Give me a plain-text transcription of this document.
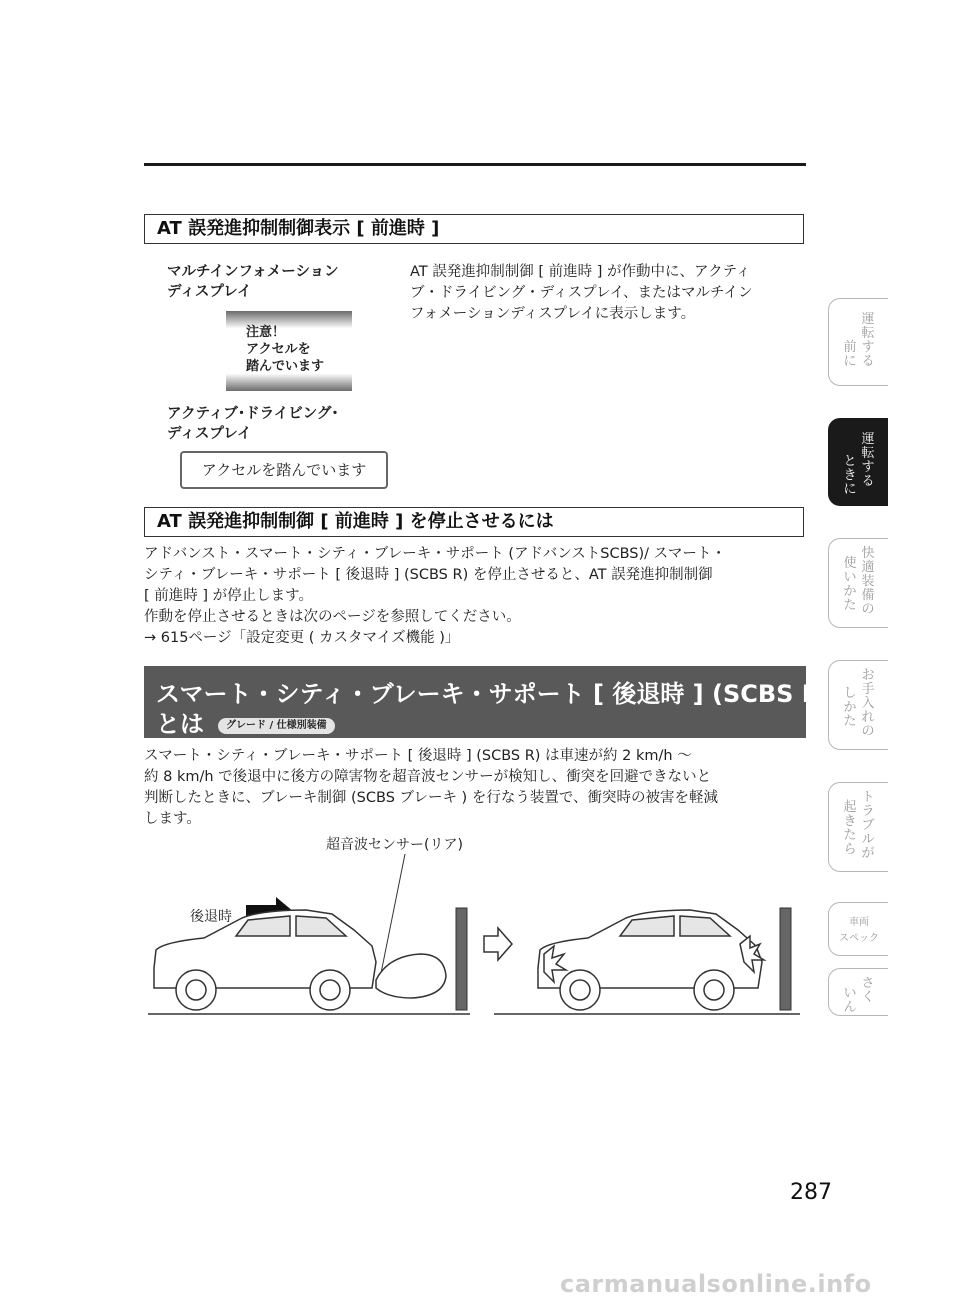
AT 誤発進抑制制御表示 [ 前進時 ]
マルチインフォメーション
ディスプレイ
注意！
アクセルを
踏んでいます
アクティブ･ドライビング･
ディスプレイ
アクセルを踏んでいます
AT 誤発進抑制制御 [ 前進時 ] が作動中に、アクティ
ブ・ドライビング・ディスプレイ、またはマルチイン
フォメーションディスプレイに表示します。
AT 誤発進抑制制御 [ 前進時 ] を停止させるには
アドバンスト・スマート・シティ・ブレーキ・サポート (アドバンストSCBS)/ スマート・
シティ・ブレーキ・サポート [ 後退時 ] (SCBS R) を停止させると、AT 誤発進抑制制御
[ 前進時 ] が停止します。
作動を停止させるときは次のページを参照してください。
→ 615ページ「設定変更 ( カスタマイズ機能 )」
スマート・シティ・ブレーキ・サポート [ 後退時 ] (SCBS R)
とは グレード / 仕様別装備
スマート・シティ・ブレーキ・サポート [ 後退時 ] (SCBS R) は車速が約 2 km/h 〜
約 8 km/h で後退中に後方の障害物を超音波センサーが検知し、衝突を回避できないと
判断したときに、ブレーキ制御 (SCBS ブレーキ ) を行なう装置で、衝突時の被害を軽減
します。
超音波センサー(リア)
後退時
前に
運転する
ときに
運転する
使いかた
快適装備の
しかた
お手入れの
起きたら
トラブルが
車両
スペック
いん
さく
287
carmanualsonline.info
